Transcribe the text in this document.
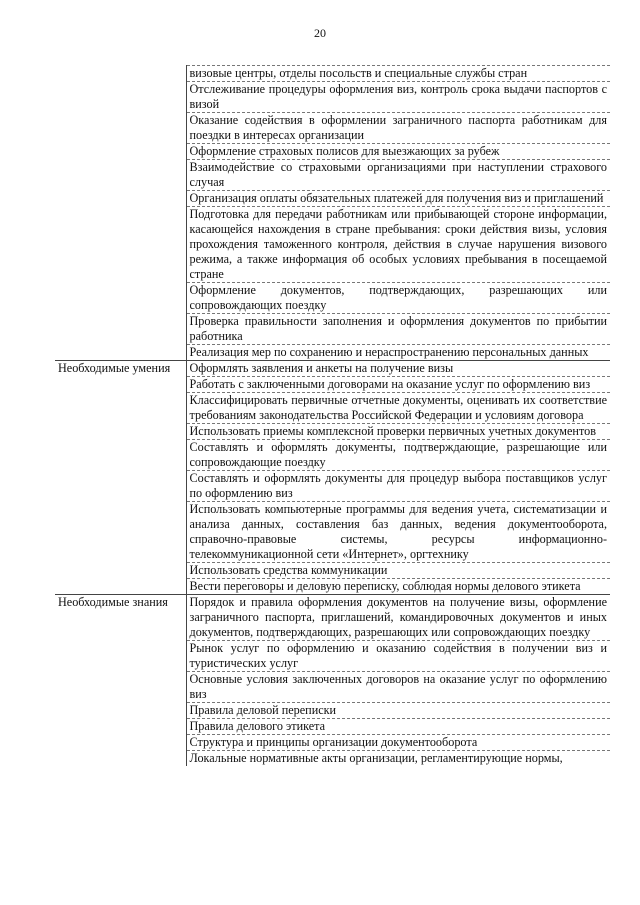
20
	визовые центры, отделы посольств и специальные службы стран
	Отслеживание процедуры оформления виз, контроль срока выдачи паспортов с визой
	Оказание содействия в оформлении заграничного паспорта работникам для поездки в интересах организации
	Оформление страховых полисов для выезжающих за рубеж
	Взаимодействие со страховыми организациями при наступлении страхового случая
	Организация оплаты обязательных платежей для получения виз и приглашений
	Подготовка для передачи работникам или прибывающей стороне информации, касающейся нахождения в стране пребывания: сроки действия визы, условия прохождения таможенного контроля, действия в случае нарушения визового режима, а также информация об особых условиях пребывания в посещаемой стране
	Оформление документов, подтверждающих, разрешающих или сопровождающих поездку
	Проверка правильности заполнения и оформления документов по прибытии работника
	Реализация мер по сохранению и нераспространению персональных данных
Необходимые умения	Оформлять заявления и анкеты на получение визы
	Работать с заключенными договорами на оказание услуг по оформлению виз
	Классифицировать первичные отчетные документы, оценивать их соответствие требованиям законодательства Российской Федерации и условиям договора
	Использовать приемы комплексной проверки первичных учетных документов
	Составлять и оформлять документы, подтверждающие, разрешающие или сопровождающие поездку
	Составлять и оформлять документы для процедур выбора поставщиков услуг по оформлению виз
	Использовать компьютерные программы для ведения учета, систематизации и анализа данных, составления баз данных, ведения документооборота, справочно-правовые системы, ресурсы информационно-телекоммуникационной сети «Интернет», оргтехнику
	Использовать средства коммуникации
	Вести переговоры и деловую переписку, соблюдая нормы делового этикета
Необходимые знания	Порядок и правила оформления документов на получение визы, оформление заграничного паспорта, приглашений, командировочных документов и иных документов, подтверждающих, разрешающих или сопровождающих поездку
	Рынок услуг по оформлению и оказанию содействия в получении виз и туристических услуг
	Основные условия заключенных договоров на оказание услуг по оформлению виз
	Правила деловой переписки
	Правила делового этикета
	Структура и принципы организации документооборота
	Локальные нормативные акты организации, регламентирующие нормы,
